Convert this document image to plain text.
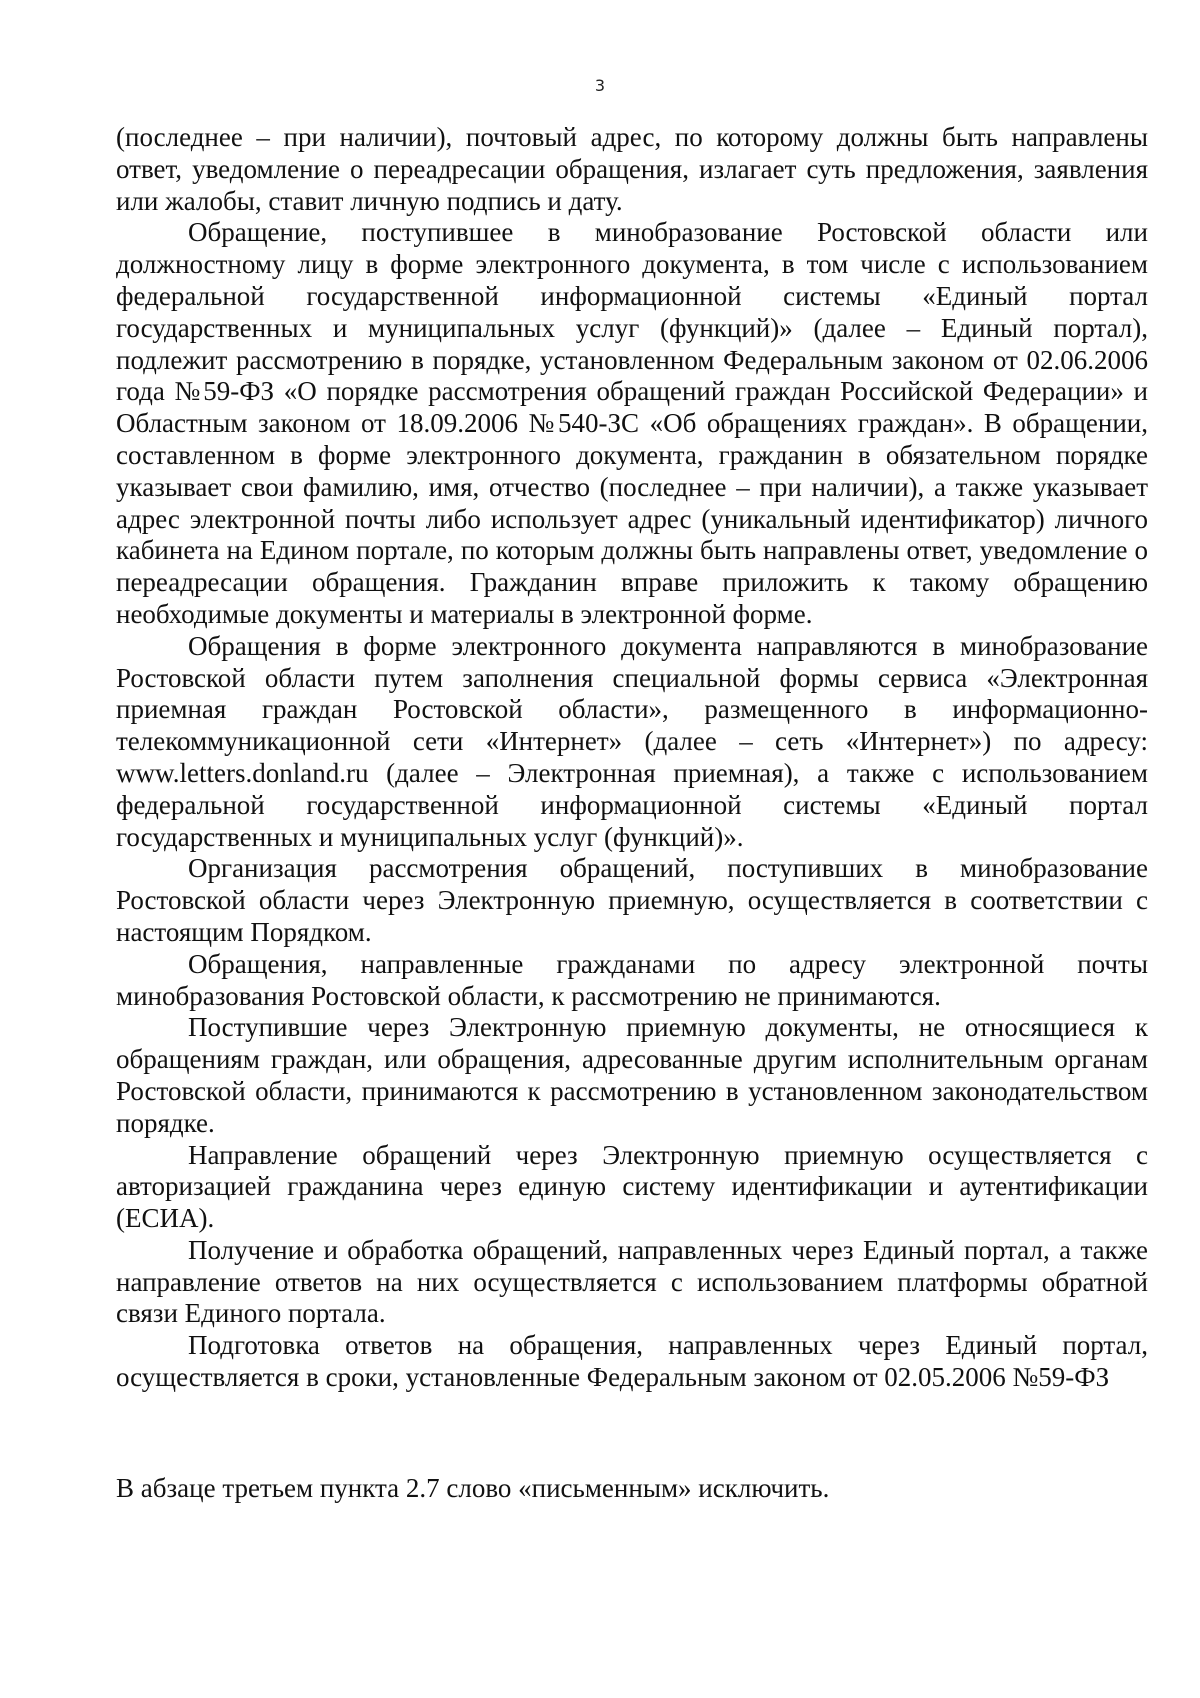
3

(последнее – при наличии), почтовый адрес, по которому должны быть направлены ответ, уведомление о переадресации обращения, излагает суть предложения, заявления или жалобы, ставит личную подпись и дату.

Обращение, поступившее в минобразование Ростовской области или должностному лицу в форме электронного документа, в том числе с использованием федеральной государственной информационной системы «Единый портал государственных и муниципальных услуг (функций)» (далее – Единый портал), подлежит рассмотрению в порядке, установленном Федеральным законом от 02.06.2006 года №59-ФЗ «О порядке рассмотрения обращений граждан Российской Федерации» и Областным законом от 18.09.2006 №540-ЗС «Об обращениях граждан». В обращении, составленном в форме электронного документа, гражданин в обязательном порядке указывает свои фамилию, имя, отчество (последнее – при наличии), а также указывает адрес электронной почты либо использует адрес (уникальный идентификатор) личного кабинета на Едином портале, по которым должны быть направлены ответ, уведомление о переадресации обращения. Гражданин вправе приложить к такому обращению необходимые документы и материалы в электронной форме.

Обращения в форме электронного документа направляются в минобразование Ростовской области путем заполнения специальной формы сервиса «Электронная приемная граждан Ростовской области», размещенного в информационно-телекоммуникационной сети «Интернет» (далее – сеть «Интернет») по адресу: www.letters.donland.ru (далее – Электронная приемная), а также с использованием федеральной государственной информационной системы «Единый портал государственных и муниципальных услуг (функций)».

Организация рассмотрения обращений, поступивших в минобразование Ростовской области через Электронную приемную, осуществляется в соответствии с настоящим Порядком.

Обращения, направленные гражданами по адресу электронной почты минобразования Ростовской области, к рассмотрению не принимаются.

Поступившие через Электронную приемную документы, не относящиеся к обращениям граждан, или обращения, адресованные другим исполнительным органам Ростовской области, принимаются к рассмотрению в установленном законодательством порядке.

Направление обращений через Электронную приемную осуществляется с авторизацией гражданина через единую систему идентификации и аутентификации (ЕСИА).

Получение и обработка обращений, направленных через Единый портал, а также направление ответов на них осуществляется с использованием платформы обратной связи Единого портала.

Подготовка ответов на обращения, направленных через Единый портал, осуществляется в сроки, установленные Федеральным законом от 02.05.2006 №59-ФЗ

В абзаце третьем пункта 2.7 слово «письменным» исключить.
